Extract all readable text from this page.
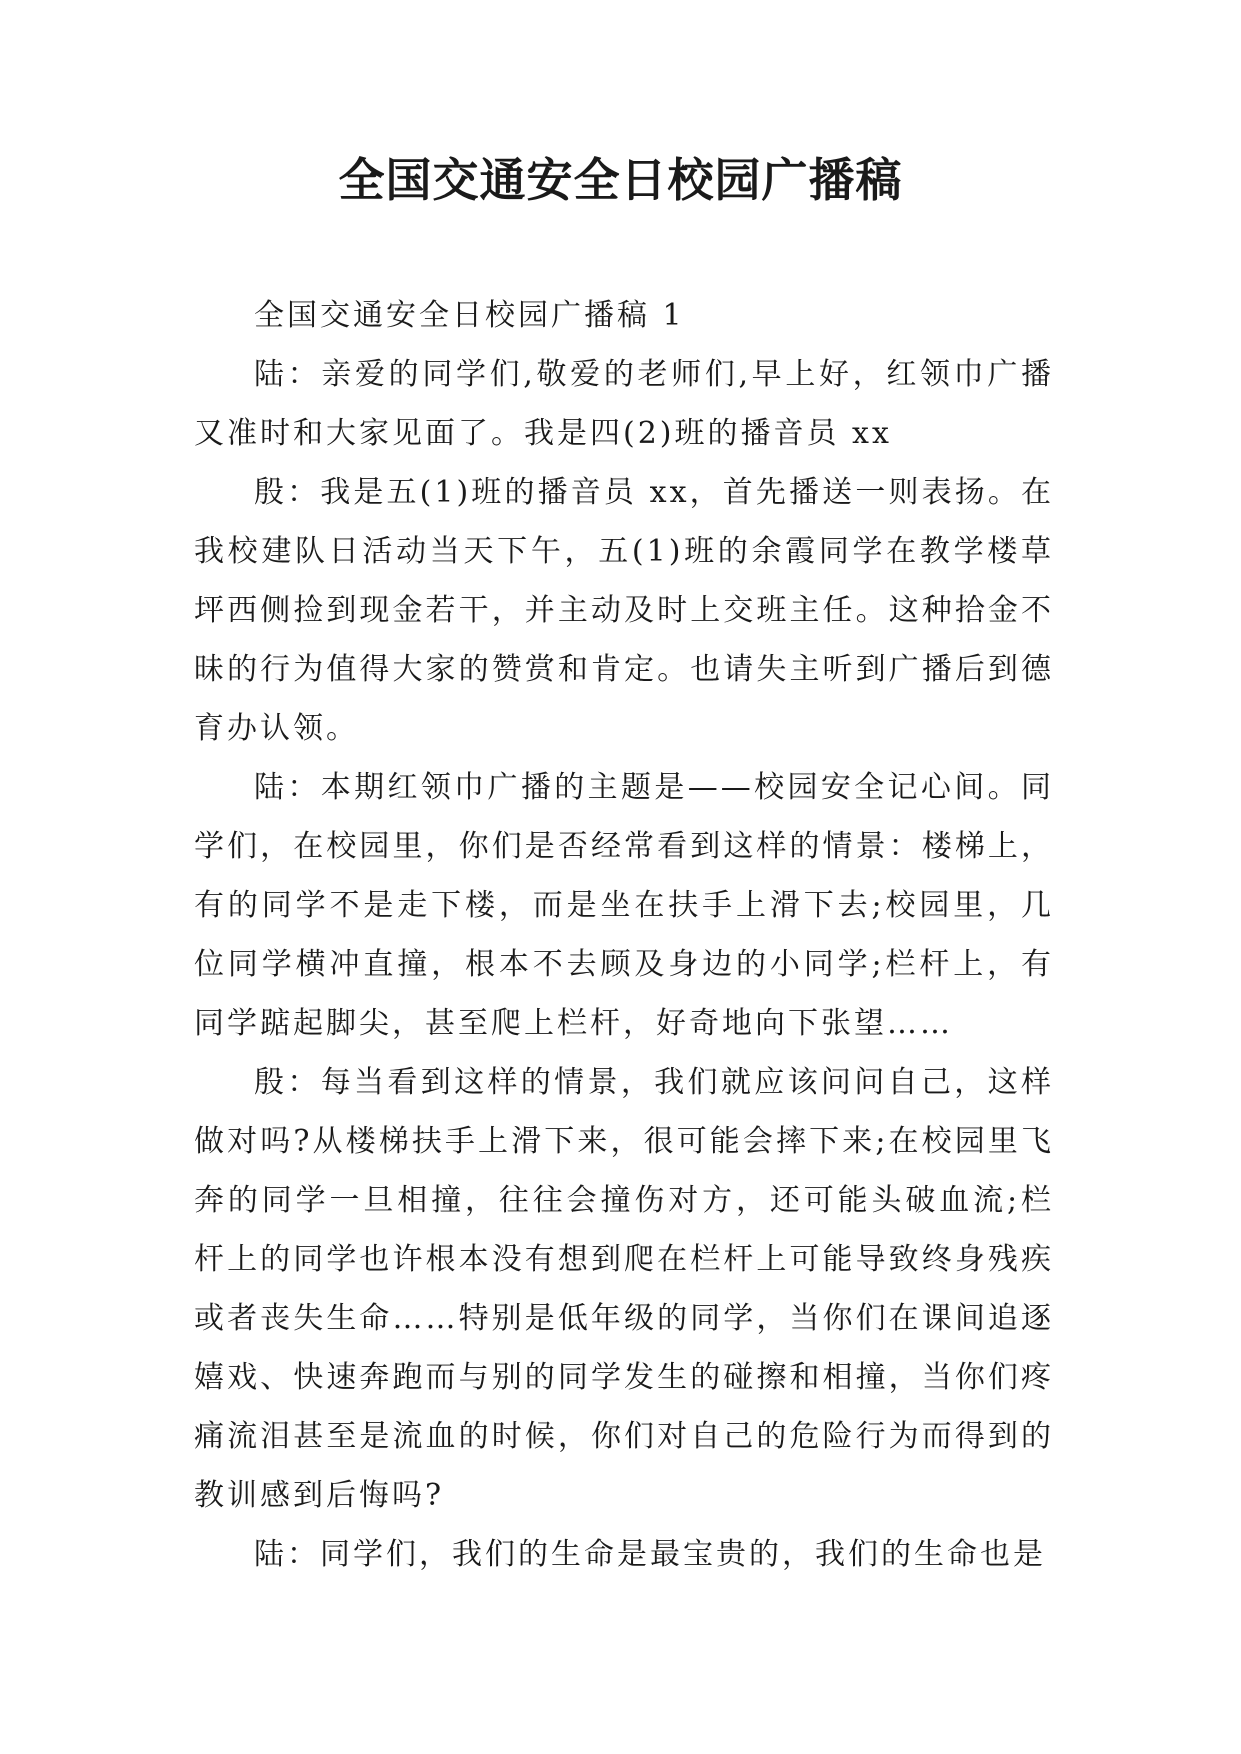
全国交通安全日校园广播稿

全国交通安全日校园广播稿 1

陆：亲爱的同学们,敬爱的老师们,早上好，红领巾广播又准时和大家见面了。我是四(2)班的播音员 xx

殷：我是五(1)班的播音员 xx，首先播送一则表扬。在我校建队日活动当天下午，五(1)班的余霞同学在教学楼草坪西侧捡到现金若干，并主动及时上交班主任。这种拾金不昧的行为值得大家的赞赏和肯定。也请失主听到广播后到德育办认领。

陆：本期红领巾广播的主题是——校园安全记心间。同学们，在校园里，你们是否经常看到这样的情景：楼梯上，有的同学不是走下楼，而是坐在扶手上滑下去;校园里，几位同学横冲直撞，根本不去顾及身边的小同学;栏杆上，有同学踮起脚尖，甚至爬上栏杆，好奇地向下张望……

殷：每当看到这样的情景，我们就应该问问自己，这样做对吗?从楼梯扶手上滑下来，很可能会摔下来;在校园里飞奔的同学一旦相撞，往往会撞伤对方，还可能头破血流;栏杆上的同学也许根本没有想到爬在栏杆上可能导致终身残疾或者丧失生命……特别是低年级的同学，当你们在课间追逐嬉戏、快速奔跑而与别的同学发生的碰擦和相撞，当你们疼痛流泪甚至是流血的时候，你们对自己的危险行为而得到的教训感到后悔吗?

陆：同学们，我们的生命是最宝贵的，我们的生命也是
